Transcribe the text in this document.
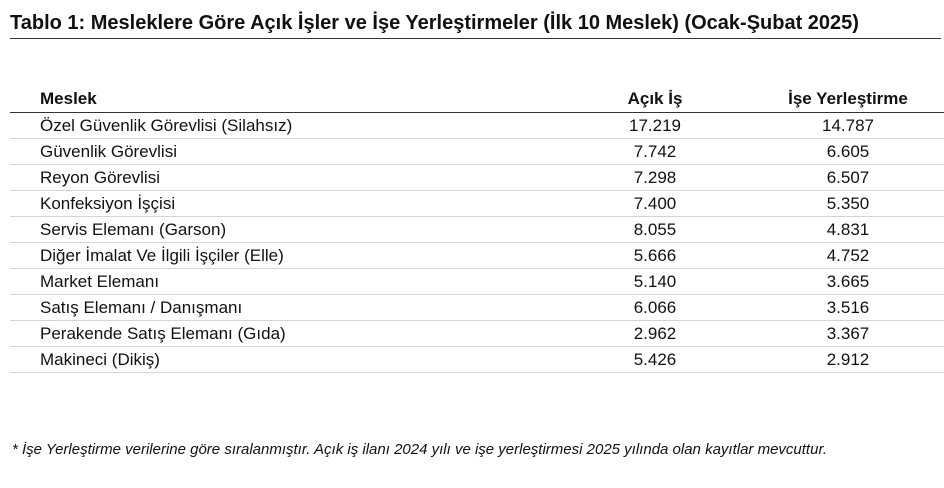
Tablo 1: Mesleklere Göre Açık İşler ve İşe Yerleştirmeler (İlk 10 Meslek) (Ocak-Şubat 2025)
Meslek	Açık İş	İşe Yerleştirme
Özel Güvenlik Görevlisi (Silahsız)	17.219	14.787
Güvenlik Görevlisi	7.742	6.605
Reyon Görevlisi	7.298	6.507
Konfeksiyon İşçisi	7.400	5.350
Servis Elemanı (Garson)	8.055	4.831
Diğer İmalat Ve İlgili İşçiler (Elle)	5.666	4.752
Market Elemanı	5.140	3.665
Satış Elemanı / Danışmanı	6.066	3.516
Perakende Satış Elemanı (Gıda)	2.962	3.367
Makineci (Dikiş)	5.426	2.912
* İşe Yerleştirme verilerine göre sıralanmıştır. Açık iş ilanı 2024 yılı ve işe yerleştirmesi 2025 yılında olan kayıtlar mevcuttur.
